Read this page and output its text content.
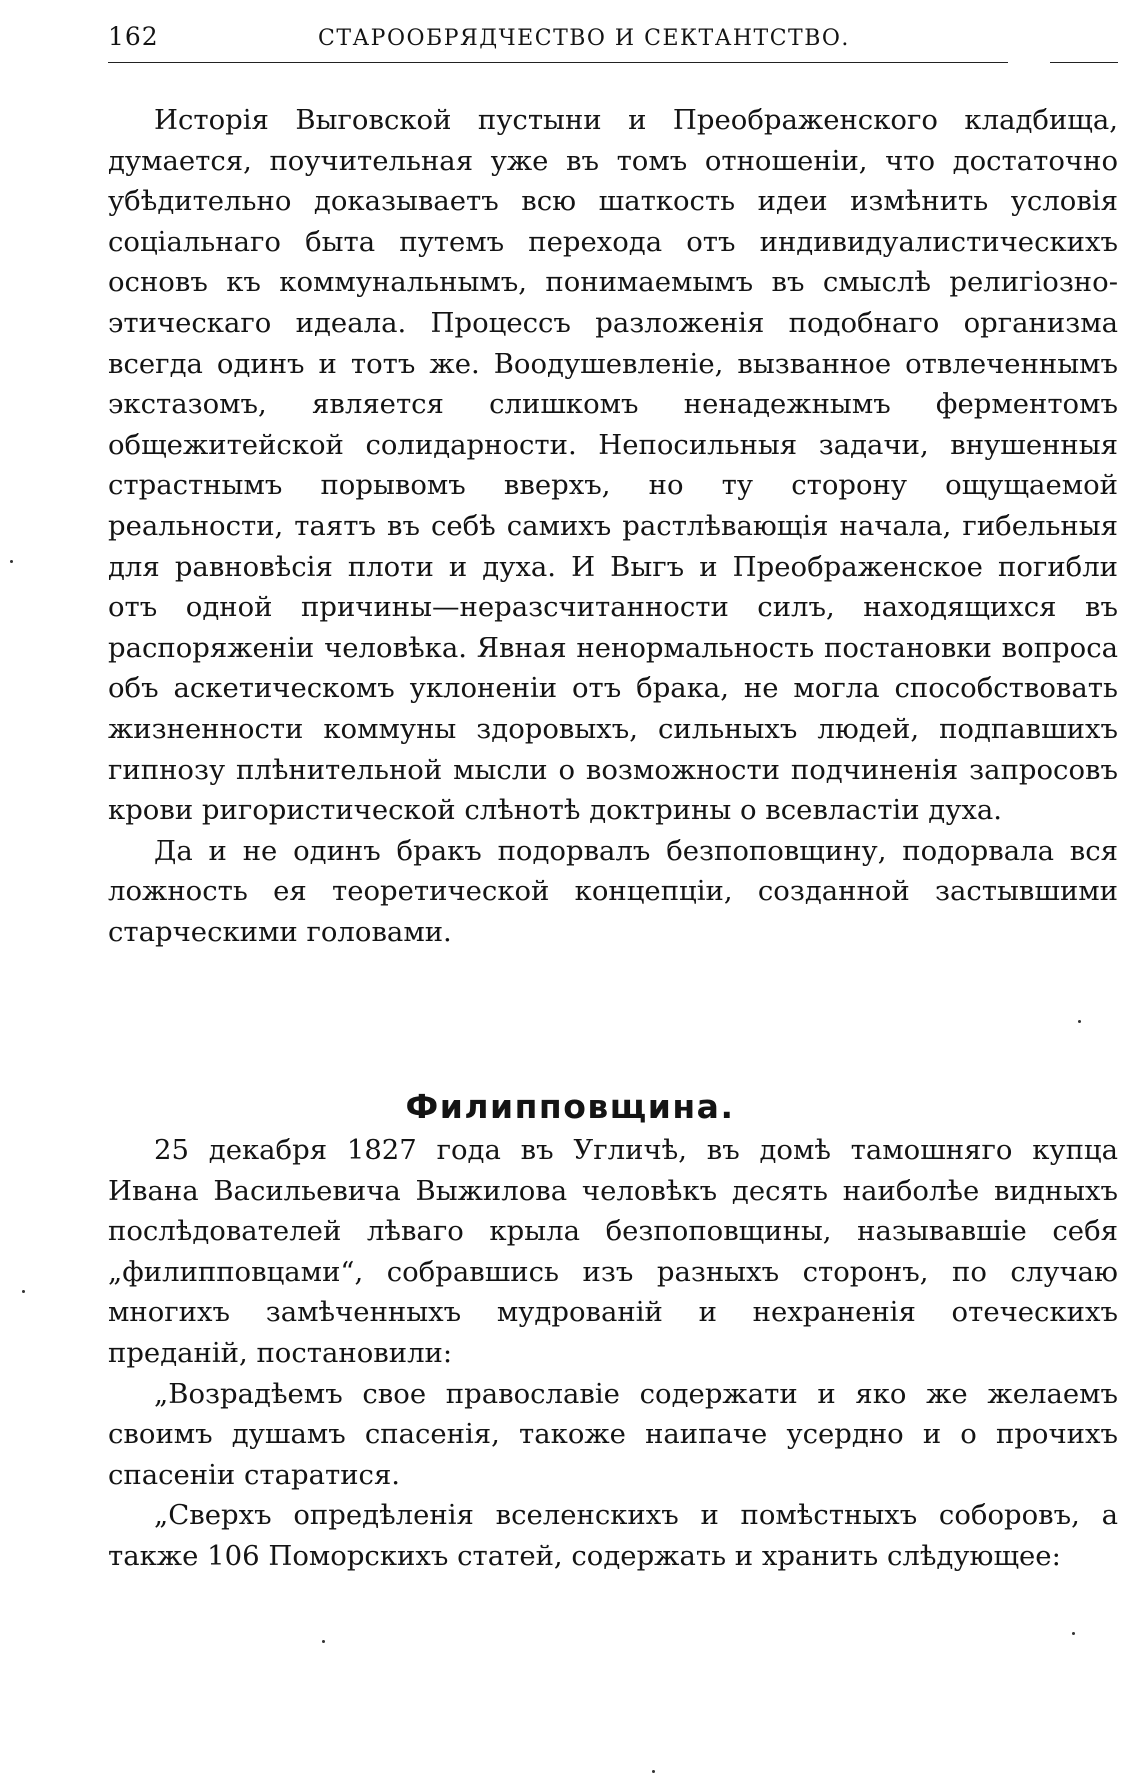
162	СТАРООБРЯДЧЕСТВО И СЕКТАНТСТВО.

Исторія Выговской пустыни и Преображенского кладбища, думается, поучительная уже въ томъ отношеніи, что достаточно убѣдительно доказываетъ всю шаткость идеи измѣнить условія соціальнаго быта путемъ перехода отъ индивидуалистическихъ основъ къ коммунальнымъ, понимаемымъ въ смыслѣ религіозно-этическаго идеала. Процессъ разложенія подобнаго организма всегда одинъ и тотъ же. Воодушевленіе, вызванное отвлеченнымъ экстазомъ, является слишкомъ ненадежнымъ ферментомъ общежитейской солидарности. Непосильныя задачи, внушенныя страстнымъ порывомъ вверхъ, но ту сторону ощущаемой реальности, таятъ въ себѣ самихъ растлѣвающія начала, гибельныя для равновѣсія плоти и духа. И Выгъ и Преображенское погибли отъ одной причины—неразсчитанности силъ, находящихся въ распоряженіи человѣка. Явная ненормальность постановки вопроса объ аскетическомъ уклоненіи отъ брака, не могла способствовать жизненности коммуны здоровыхъ, сильныхъ людей, подпавшихъ гипнозу плѣнительной мысли о возможности подчиненія запросовъ крови ригористической слѣнотѣ доктрины о всевластіи духа.

Да и не одинъ бракъ подорвалъ безпоповщину, подорвала вся ложность ея теоретической концепціи, созданной застывшими старческими головами.

Филипповщина.

25 декабря 1827 года въ Угличѣ, въ домѣ тамошняго купца Ивана Васильевича Выжилова человѣкъ десять наиболѣе видныхъ послѣдователей лѣваго крыла безпоповщины, называвшіе себя „филипповцами“, собравшись изъ разныхъ сторонъ, по случаю многихъ замѣченныхъ мудрованій и нехраненія отеческихъ преданій, постановили:

„Возрадѣемъ свое православіе содержати и яко же желаемъ своимъ душамъ спасенія, такоже наипаче усердно и о прочихъ спасеніи старатися.

„Сверхъ опредѣленія вселенскихъ и помѣстныхъ соборовъ, а также 106 Поморскихъ статей, содержать и хранить слѣдующее:
